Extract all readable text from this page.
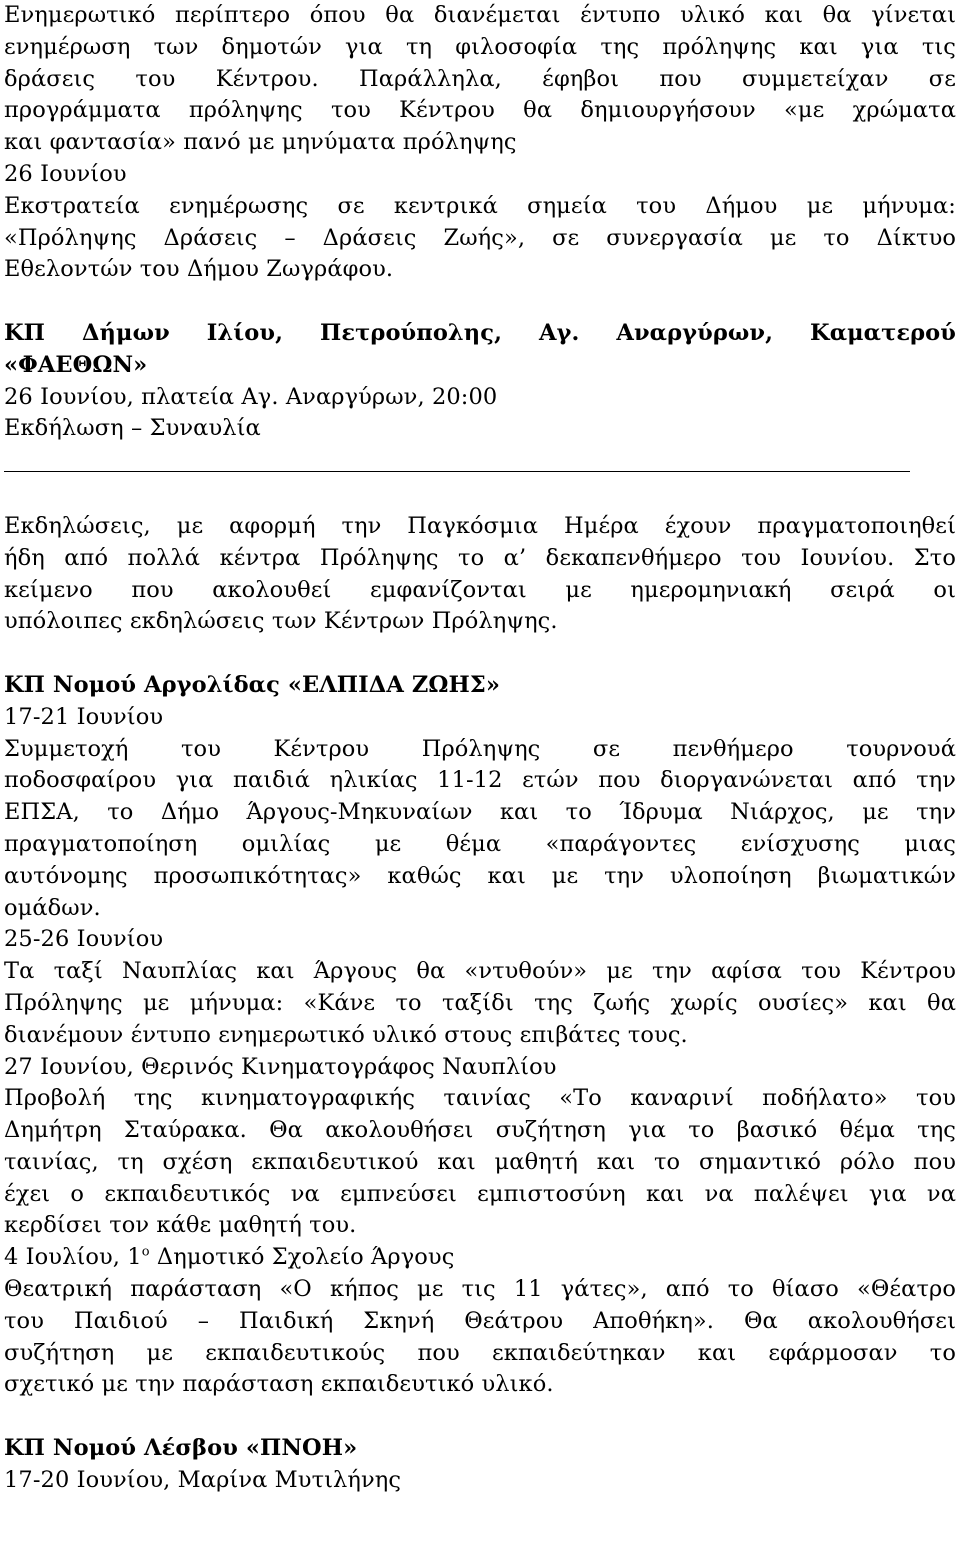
Ενημερωτικό περίπτερο όπου θα διανέμεται έντυπο υλικό και θα γίνεται
ενημέρωση των δημοτών για τη φιλοσοφία της πρόληψης και για τις
δράσεις του Κέντρου. Παράλληλα, έφηβοι που συμμετείχαν σε
προγράμματα πρόληψης του Κέντρου θα δημιουργήσουν «με χρώματα
και φαντασία» πανό με μηνύματα πρόληψης
26 Ιουνίου
Εκστρατεία ενημέρωσης σε κεντρικά σημεία του Δήμου με μήνυμα:
«Πρόληψης Δράσεις – Δράσεις Ζωής», σε συνεργασία με το Δίκτυο
Εθελοντών του Δήμου Ζωγράφου.
ΚΠ Δήμων Ιλίου, Πετρούπολης, Αγ. Αναργύρων, Καματερού
«ΦΑΕΘΩΝ»
26 Ιουνίου, πλατεία Αγ. Αναργύρων, 20:00
Εκδήλωση – Συναυλία
Εκδηλώσεις, με αφορμή την Παγκόσμια Ημέρα έχουν πραγματοποιηθεί
ήδη από πολλά κέντρα Πρόληψης το α’ δεκαπενθήμερο του Ιουνίου. Στο
κείμενο που ακολουθεί εμφανίζονται με ημερομηνιακή σειρά οι
υπόλοιπες εκδηλώσεις των Κέντρων Πρόληψης.
ΚΠ Νομού Αργολίδας «ΕΛΠΙΔΑ ΖΩΗΣ»
17-21 Ιουνίου
Συμμετοχή του Κέντρου Πρόληψης σε πενθήμερο τουρνουά
ποδοσφαίρου για παιδιά ηλικίας 11-12 ετών που διοργανώνεται από την
ΕΠΣΑ, το Δήμο Άργους-Μηκυναίων και το Ίδρυμα Νιάρχος, με την
πραγματοποίηση ομιλίας με θέμα «παράγοντες ενίσχυσης μιας
αυτόνομης προσωπικότητας» καθώς και με την υλοποίηση βιωματικών
ομάδων.
25-26 Ιουνίου
Τα ταξί Ναυπλίας και Άργους θα «ντυθούν» με την αφίσα του Κέντρου
Πρόληψης με μήνυμα: «Κάνε το ταξίδι της ζωής χωρίς ουσίες» και θα
διανέμουν έντυπο ενημερωτικό υλικό στους επιβάτες τους.
27 Ιουνίου, Θερινός Κινηματογράφος Ναυπλίου
Προβολή της κινηματογραφικής ταινίας «Το καναρινί ποδήλατο» του
Δημήτρη Σταύρακα. Θα ακολουθήσει συζήτηση για το βασικό θέμα της
ταινίας, τη σχέση εκπαιδευτικού και μαθητή και το σημαντικό ρόλο που
έχει ο εκπαιδευτικός να εμπνεύσει εμπιστοσύνη και να παλέψει για να
κερδίσει τον κάθε μαθητή του.
4 Ιουλίου, $1^o$ Δημοτικό Σχολείο Άργους
Θεατρική παράσταση «Ο κήπος με τις 11 γάτες», από το θίασο «Θέατρο
του Παιδιού – Παιδική Σκηνή Θεάτρου Αποθήκη». Θα ακολουθήσει
συζήτηση με εκπαιδευτικούς που εκπαιδεύτηκαν και εφάρμοσαν το
σχετικό με την παράσταση εκπαιδευτικό υλικό.
ΚΠ Νομού Λέσβου «ΠΝΟΗ»
17-20 Ιουνίου, Μαρίνα Μυτιλήνης
